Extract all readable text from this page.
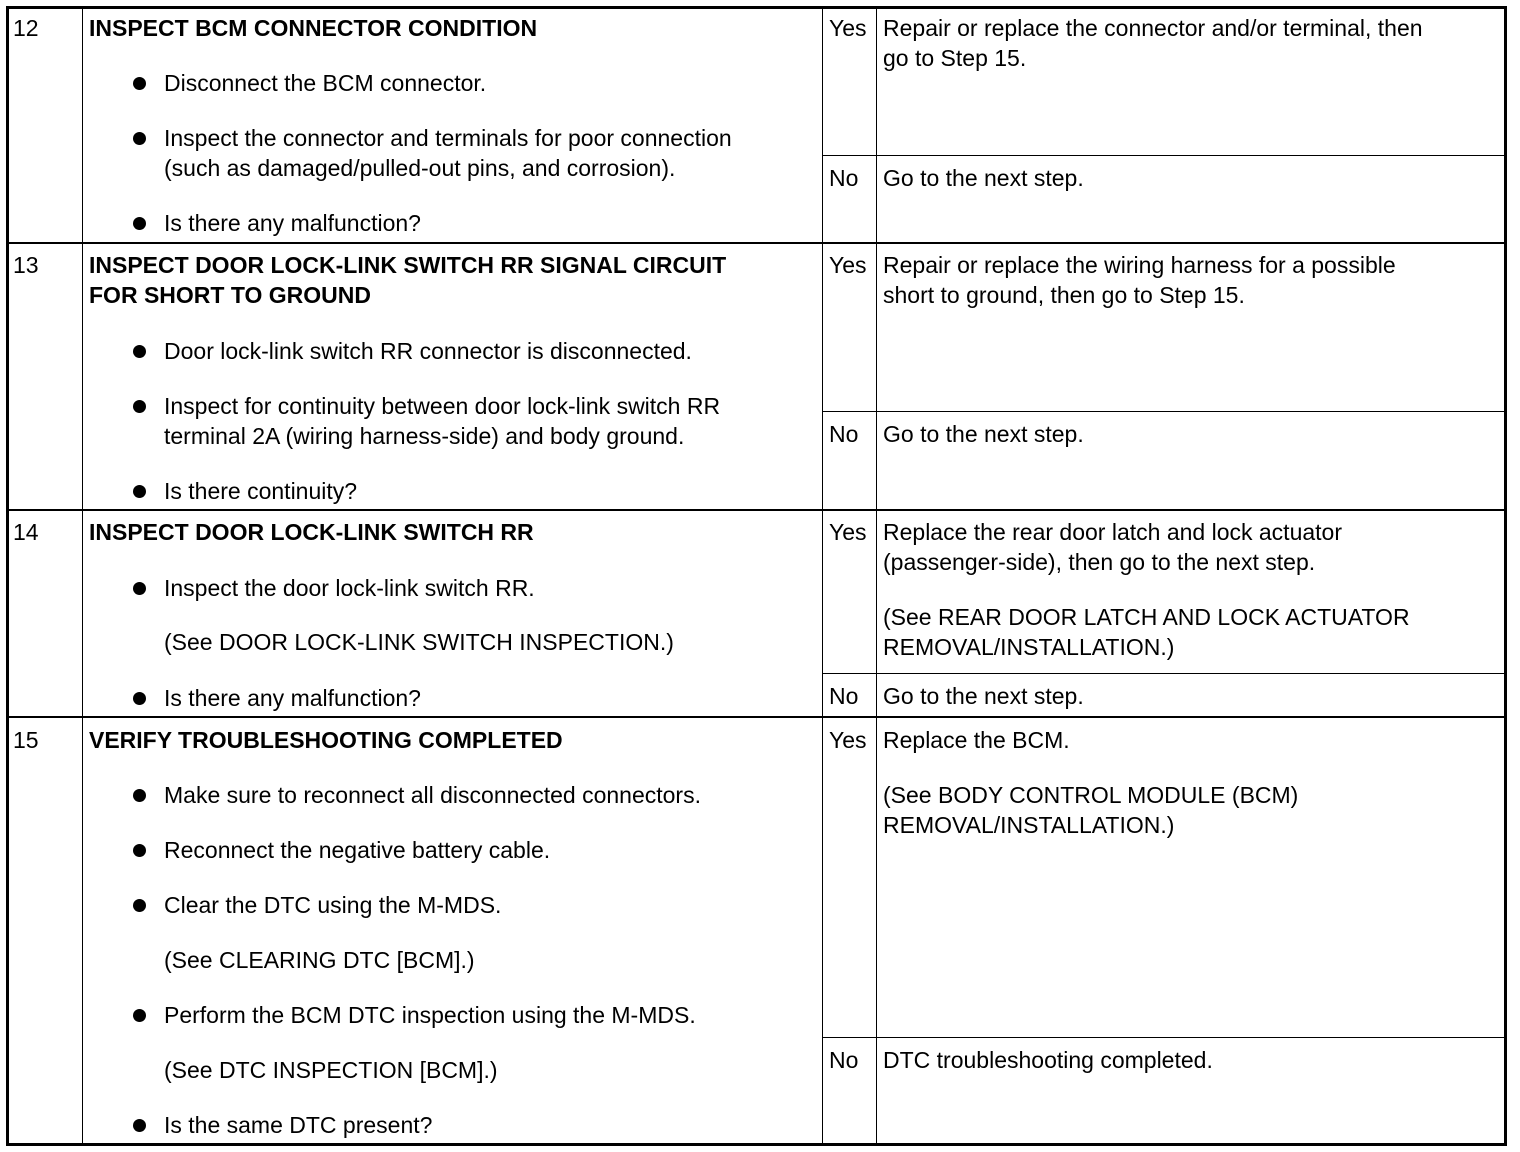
12 INSPECT BCM CONNECTOR CONDITION
Disconnect the BCM connector.
Inspect the connector and terminals for poor connection
(such as damaged/pulled-out pins, and corrosion).
Is there any malfunction?
Yes Repair or replace the connector and/or terminal, then
go to Step 15.
No Go to the next step.
13 INSPECT DOOR LOCK-LINK SWITCH RR SIGNAL CIRCUIT
FOR SHORT TO GROUND
Door lock-link switch RR connector is disconnected.
Inspect for continuity between door lock-link switch RR
terminal 2A (wiring harness-side) and body ground.
Is there continuity?
Yes Repair or replace the wiring harness for a possible
short to ground, then go to Step 15.
No Go to the next step.
14 INSPECT DOOR LOCK-LINK SWITCH RR
Inspect the door lock-link switch RR.
(See DOOR LOCK-LINK SWITCH INSPECTION.)
Is there any malfunction?
Yes Replace the rear door latch and lock actuator
(passenger-side), then go to the next step.
(See REAR DOOR LATCH AND LOCK ACTUATOR
REMOVAL/INSTALLATION.)
No Go to the next step.
15 VERIFY TROUBLESHOOTING COMPLETED
Make sure to reconnect all disconnected connectors.
Reconnect the negative battery cable.
Clear the DTC using the M-MDS.
(See CLEARING DTC [BCM].)
Perform the BCM DTC inspection using the M-MDS.
(See DTC INSPECTION [BCM].)
Is the same DTC present?
Yes Replace the BCM.
(See BODY CONTROL MODULE (BCM)
REMOVAL/INSTALLATION.)
No DTC troubleshooting completed.
